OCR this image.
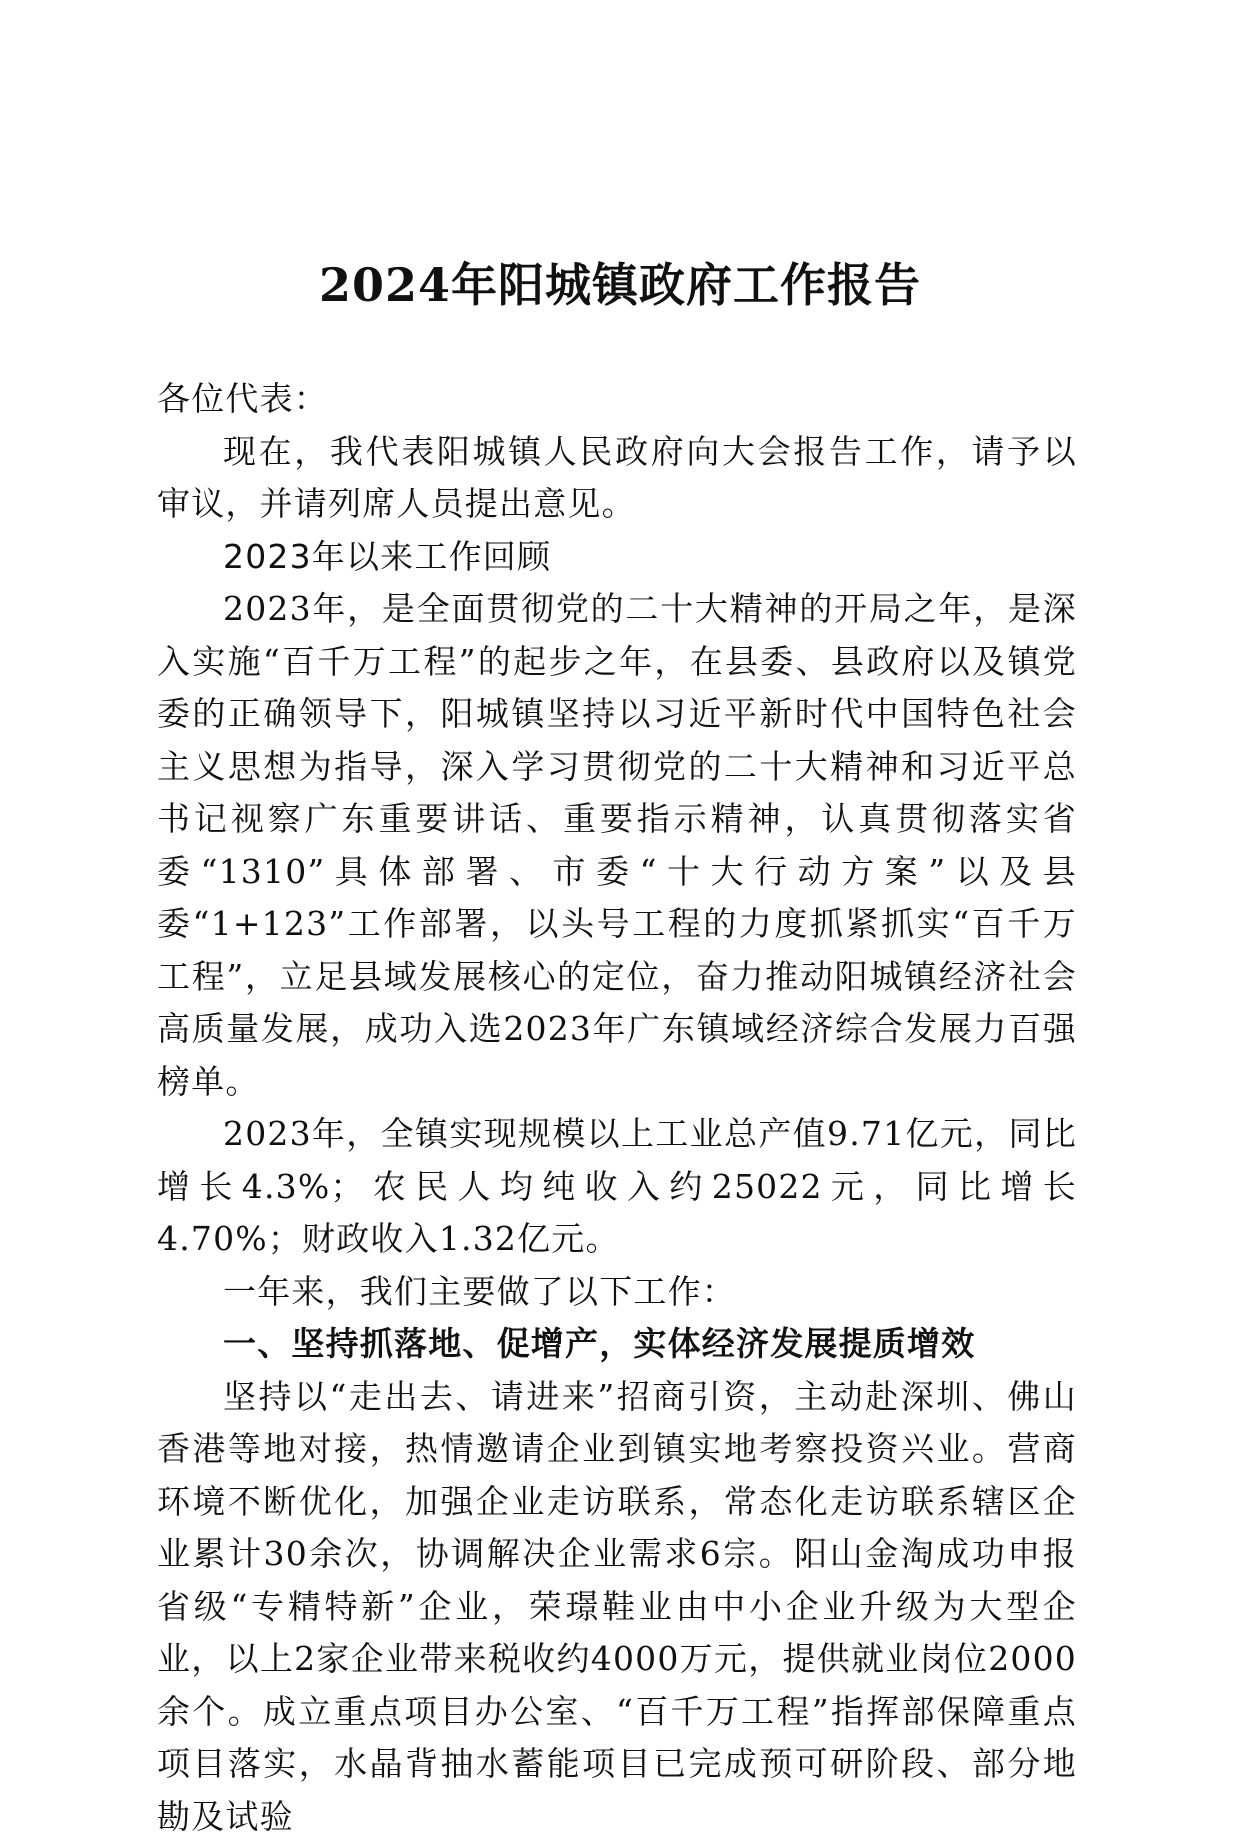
2024年阳城镇政府工作报告

各位代表：

现在，我代表阳城镇人民政府向大会报告工作，请予以审议，并请列席人员提出意见。

2023年以来工作回顾

2023年，是全面贯彻党的二十大精神的开局之年，是深入实施“百千万工程”的起步之年，在县委、县政府以及镇党委的正确领导下，阳城镇坚持以习近平新时代中国特色社会主义思想为指导，深入学习贯彻党的二十大精神和习近平总书记视察广东重要讲话、重要指示精神，认真贯彻落实省委“1310”具体部署、市委“十大行动方案”以及县委“1+123”工作部署，以头号工程的力度抓紧抓实“百千万工程”，立足县域发展核心的定位，奋力推动阳城镇经济社会高质量发展，成功入选2023年广东镇域经济综合发展力百强榜单。

2023年，全镇实现规模以上工业总产值9.71亿元，同比增长4.3%；农民人均纯收入约25022元，同比增长4.70%；财政收入1.32亿元。

一年来，我们主要做了以下工作：

一、坚持抓落地、促增产，实体经济发展提质增效

坚持以“走出去、请进来”招商引资，主动赴深圳、佛山香港等地对接，热情邀请企业到镇实地考察投资兴业。营商环境不断优化，加强企业走访联系，常态化走访联系辖区企业累计30余次，协调解决企业需求6宗。阳山金淘成功申报省级“专精特新”企业，荣璟鞋业由中小企业升级为大型企业，以上2家企业带来税收约4000万元，提供就业岗位2000余个。成立重点项目办公室、“百千万工程”指挥部保障重点项目落实，水晶背抽水蓄能项目已完成预可研阶段、部分地勘及试验
